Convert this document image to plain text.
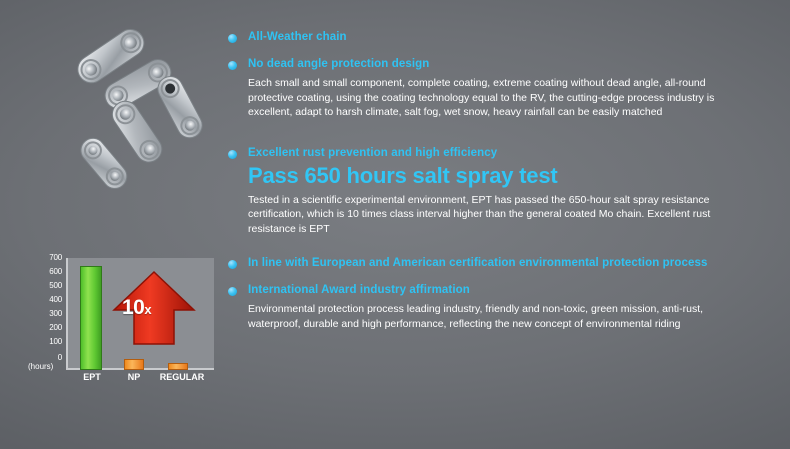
700
600
500
400
300
200
100
0
(hours)
10x
EPT	NP	REGULAR
All-Weather chain
No dead angle protection design
Each small and small component, complete coating, extreme coating without dead angle, all-round protective coating, using the coating technology equal to the RV, the cutting-edge process industry is excellent, adapt to harsh climate, salt fog, wet snow, heavy rainfall can be easily matched
Excellent rust prevention and high efficiency
Pass 650 hours salt spray test
Tested in a scientific experimental environment, EPT has passed the 650-hour salt spray resistance certification, which is 10 times class interval higher than the general coated Mo chain. Excellent rust resistance is EPT
In line with European and American certification environmental protection process
International Award industry affirmation
Environmental protection process leading industry, friendly and non-toxic, green mission, anti-rust, waterproof, durable and high performance, reflecting the new concept of environmental riding
